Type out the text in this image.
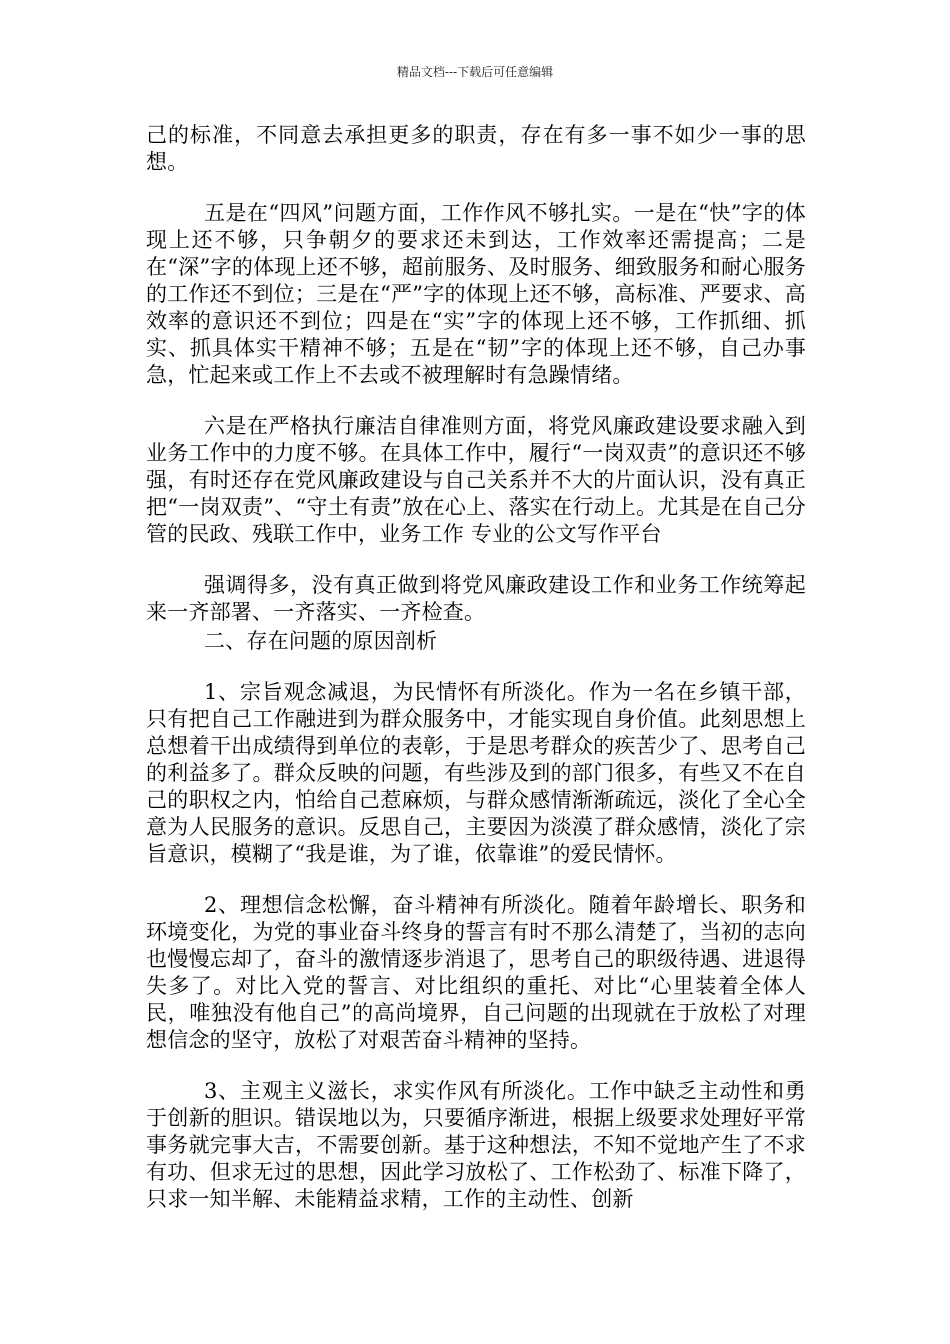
精品文档---下载后可任意编辑

己的标准，不同意去承担更多的职责，存在有多一事不如少一事的思想。

五是在“四风”问题方面，工作作风不够扎实。一是在“快”字的体现上还不够，只争朝夕的要求还未到达，工作效率还需提高；二是在“深”字的体现上还不够，超前服务、及时服务、细致服务和耐心服务的工作还不到位；三是在“严”字的体现上还不够，高标准、严要求、高效率的意识还不到位；四是在“实”字的体现上还不够，工作抓细、抓实、抓具体实干精神不够；五是在“韧”字的体现上还不够，自己办事急，忙起来或工作上不去或不被理解时有急躁情绪。

六是在严格执行廉洁自律准则方面，将党风廉政建设要求融入到业务工作中的力度不够。在具体工作中，履行“一岗双责”的意识还不够强，有时还存在党风廉政建设与自己关系并不大的片面认识，没有真正把“一岗双责”、“守土有责”放在心上、落实在行动上。尤其是在自己分管的民政、残联工作中，业务工作 专业的公文写作平台

强调得多，没有真正做到将党风廉政建设工作和业务工作统筹起来一齐部署、一齐落实、一齐检查。

二、存在问题的原因剖析

1、宗旨观念减退，为民情怀有所淡化。作为一名在乡镇干部，只有把自己工作融进到为群众服务中，才能实现自身价值。此刻思想上总想着干出成绩得到单位的表彰，于是思考群众的疾苦少了、思考自己的利益多了。群众反映的问题，有些涉及到的部门很多，有些又不在自己的职权之内，怕给自己惹麻烦，与群众感情渐渐疏远，淡化了全心全意为人民服务的意识。反思自己，主要因为淡漠了群众感情，淡化了宗旨意识，模糊了“我是谁，为了谁，依靠谁”的爱民情怀。

2、理想信念松懈，奋斗精神有所淡化。随着年龄增长、职务和环境变化，为党的事业奋斗终身的誓言有时不那么清楚了，当初的志向也慢慢忘却了，奋斗的激情逐步消退了，思考自己的职级待遇、进退得失多了。对比入党的誓言、对比组织的重托、对比“心里装着全体人民，唯独没有他自己”的高尚境界，自己问题的出现就在于放松了对理想信念的坚守，放松了对艰苦奋斗精神的坚持。

3、主观主义滋长，求实作风有所淡化。工作中缺乏主动性和勇于创新的胆识。错误地以为，只要循序渐进，根据上级要求处理好平常事务就完事大吉，不需要创新。基于这种想法，不知不觉地产生了不求有功、但求无过的思想，因此学习放松了、工作松劲了、标准下降了，只求一知半解、未能精益求精，工作的主动性、创新
